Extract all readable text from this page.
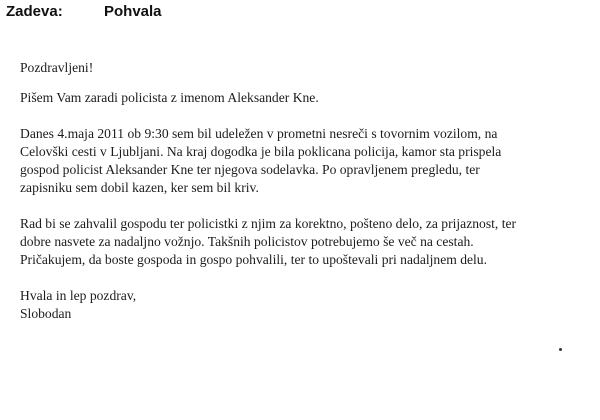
Zadeva:	Pohvala

Pozdravljeni!

Pišem Vam zaradi policista z imenom Aleksander Kne.

Danes 4.maja 2011 ob 9:30 sem bil udeležen v prometni nesreči s tovornim vozilom, na
Celovški cesti v Ljubljani. Na kraj dogodka je bila poklicana policija, kamor sta prispela
gospod policist Aleksander Kne ter njegova sodelavka. Po opravljenem pregledu, ter
zapisniku sem dobil kazen, ker sem bil kriv.

Rad bi se zahvalil gospodu ter policistki z njim za korektno, pošteno delo, za prijaznost, ter
dobre nasvete za nadaljno vožnjo. Takšnih policistov potrebujemo še več na cestah.
Pričakujem, da boste gospoda in gospo pohvalili, ter to upoštevali pri nadaljnem delu.

Hvala in lep pozdrav,
Slobodan
